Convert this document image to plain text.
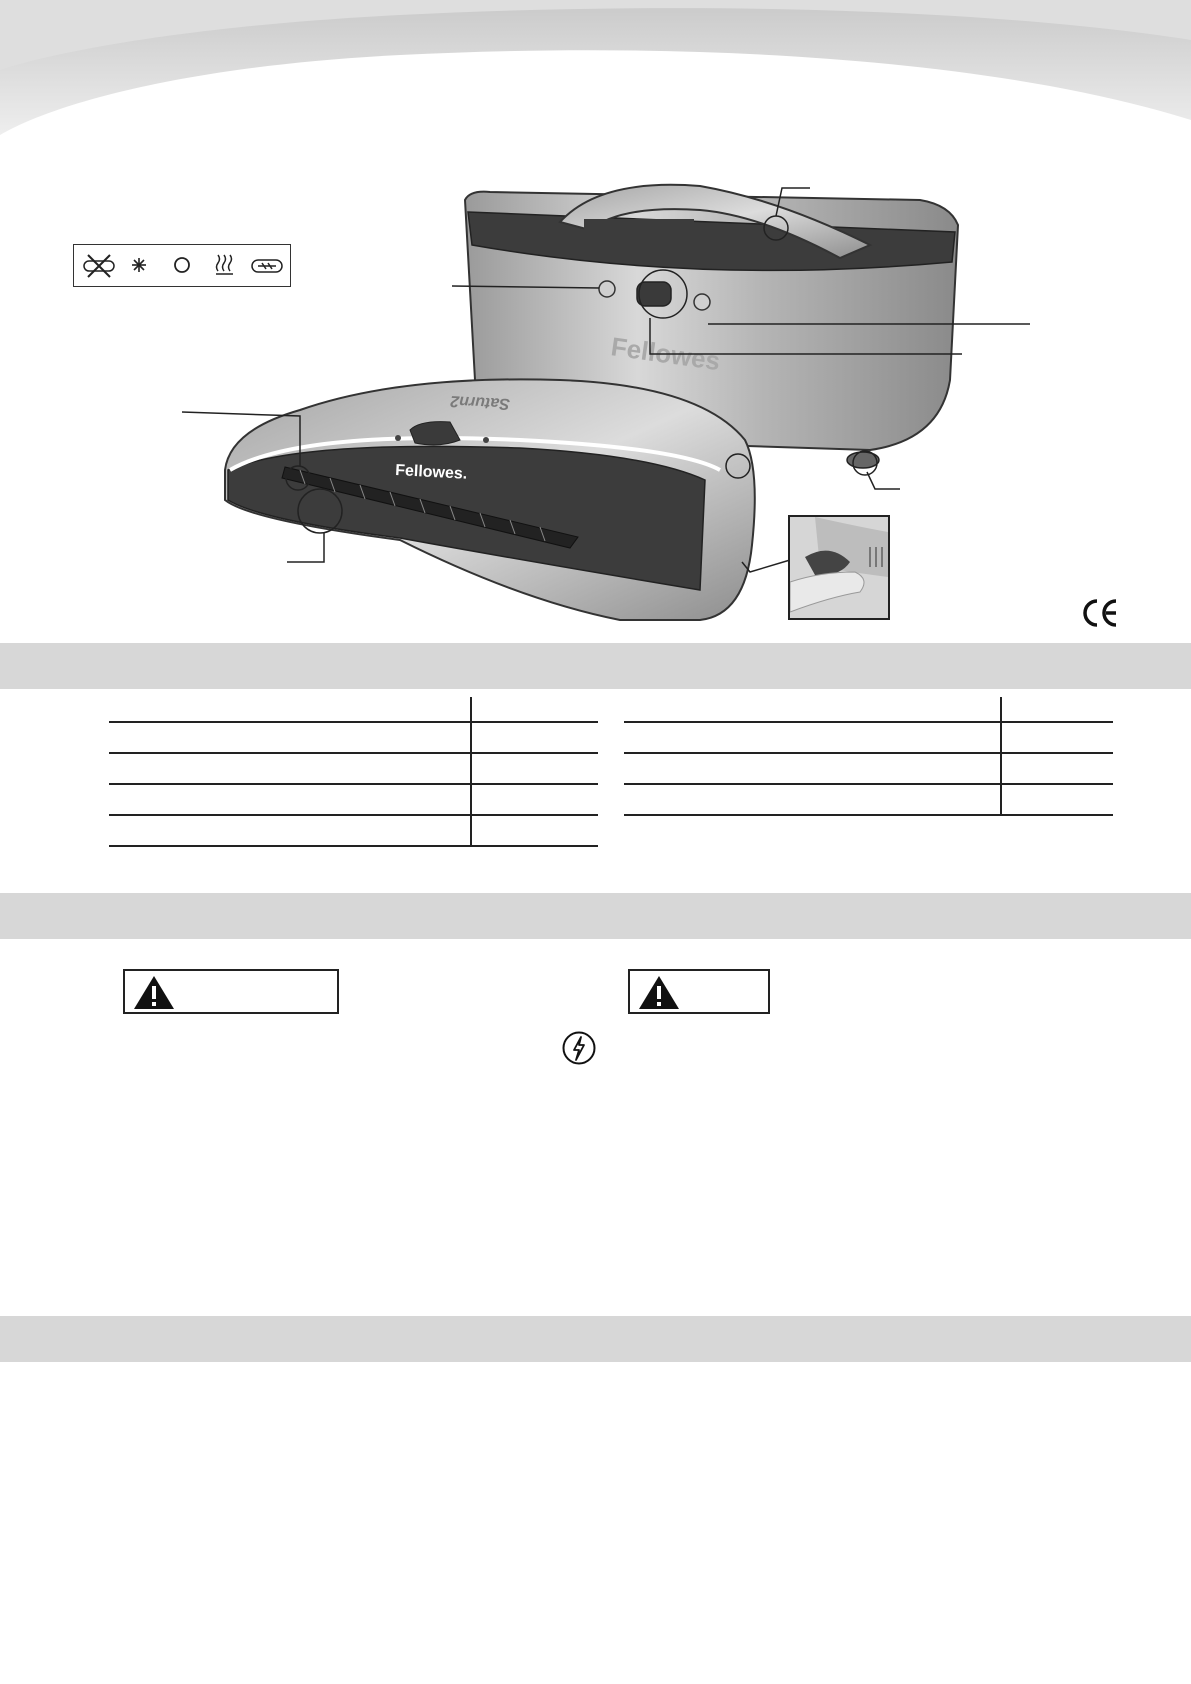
Fellowes
Fellowes.
Saturn2
